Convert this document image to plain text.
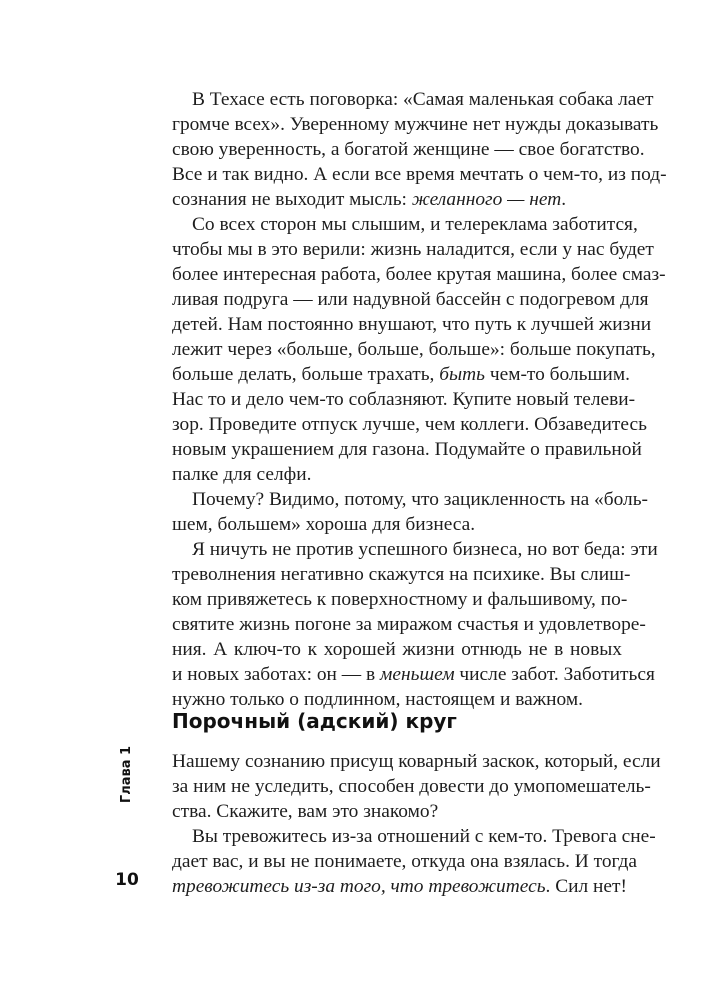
В Техасе есть поговорка: «Самая маленькая собака лает
громче всех». Уверенному мужчине нет нужды доказывать
свою уверенность, а богатой женщине — свое богатство.
Все и так видно. А если все время мечтать о чем-то, из под-
сознания не выходит мысль: желанного — нет.
Со всех сторон мы слышим, и телереклама заботится,
чтобы мы в это верили: жизнь наладится, если у нас будет
более интересная работа, более крутая машина, более смаз-
ливая подруга — или надувной бассейн с подогревом для
детей. Нам постоянно внушают, что путь к лучшей жизни
лежит через «больше, больше, больше»: больше покупать,
больше делать, больше трахать, быть чем-то большим.
Нас то и дело чем-то соблазняют. Купите новый телеви-
зор. Проведите отпуск лучше, чем коллеги. Обзаведитесь
новым украшением для газона. Подумайте о правильной
палке для селфи.
Почему? Видимо, потому, что зацикленность на «боль-
шем, большем» хороша для бизнеса.
Я ничуть не против успешного бизнеса, но вот беда: эти
треволнения негативно скажутся на психике. Вы слиш-
ком привяжетесь к поверхностному и фальшивому, по-
святите жизнь погоне за миражом счастья и удовлетворе-
ния. А ключ-то к хорошей жизни отнюдь не в новых
и новых заботах: он — в меньшем числе забот. Заботиться
нужно только о подлинном, настоящем и важном.
Порочный (адский) круг
Нашему сознанию присущ коварный заскок, который, если
за ним не уследить, способен довести до умопомешатель-
ства. Скажите, вам это знакомо?
Вы тревожитесь из-за отношений с кем-то. Тревога сне-
дает вас, и вы не понимаете, откуда она взялась. И тогда
тревожитесь из-за того, что тревожитесь. Сил нет!
Глава 1
10
